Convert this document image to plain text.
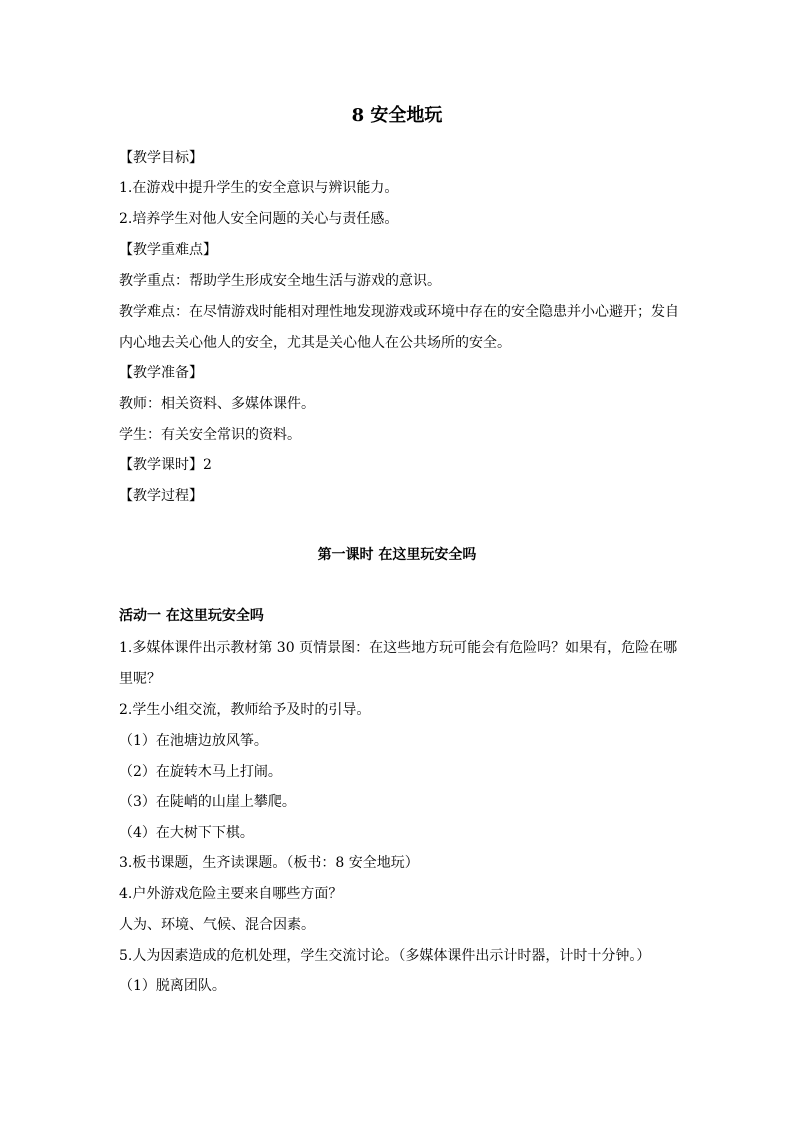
8 安全地玩
【教学目标】
1.在游戏中提升学生的安全意识与辨识能力。
2.培养学生对他人安全问题的关心与责任感。
【教学重难点】
教学重点：帮助学生形成安全地生活与游戏的意识。
教学难点：在尽情游戏时能相对理性地发现游戏或环境中存在的安全隐患并小心避开；发自
内心地去关心他人的安全，尤其是关心他人在公共场所的安全。
【教学准备】
教师：相关资料、多媒体课件。
学生：有关安全常识的资料。
【教学课时】2
【教学过程】
第一课时 在这里玩安全吗
活动一 在这里玩安全吗
1.多媒体课件出示教材第 30 页情景图：在这些地方玩可能会有危险吗？如果有，危险在哪
里呢？
2.学生小组交流，教师给予及时的引导。
（1）在池塘边放风筝。
（2）在旋转木马上打闹。
（3）在陡峭的山崖上攀爬。
（4）在大树下下棋。
3.板书课题，生齐读课题。（板书：8 安全地玩）
4.户外游戏危险主要来自哪些方面？
人为、环境、气候、混合因素。
5.人为因素造成的危机处理，学生交流讨论。（多媒体课件出示计时器，计时十分钟。）
（1）脱离团队。
